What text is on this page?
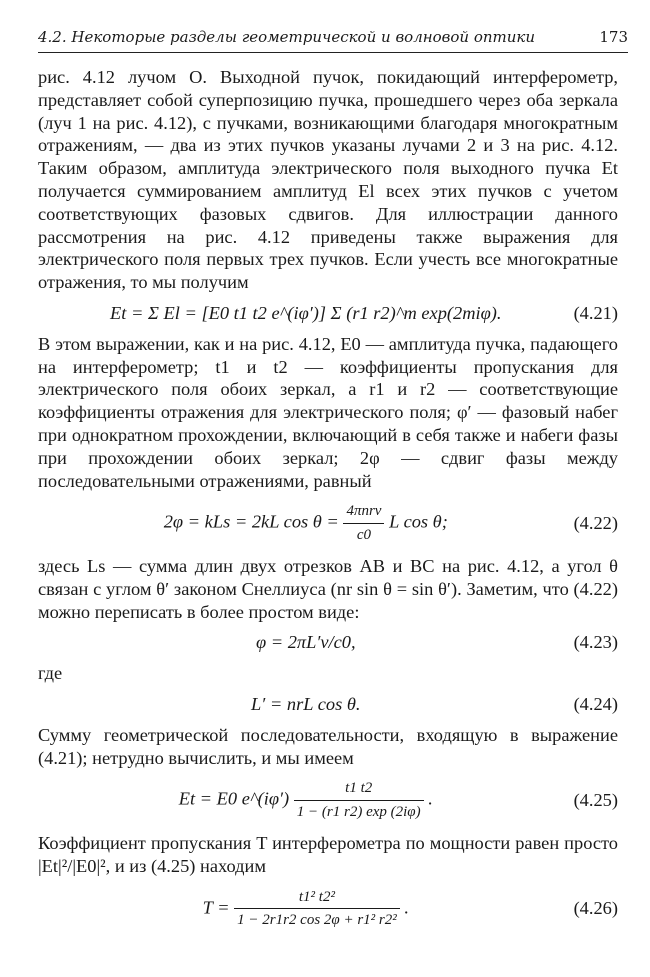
4.2. Некоторые разделы геометрической и волновой оптики	173

рис. 4.12 лучом O. Выходной пучок, покидающий интерферометр, представляет собой суперпозицию пучка, прошедшего через оба зеркала (луч 1 на рис. 4.12), с пучками, возникающими благодаря многократным отражениям, — два из этих пучков указаны лучами 2 и 3 на рис. 4.12. Таким образом, амплитуда электрического поля выходного пучка Et получается суммированием амплитуд El всех этих пучков с учетом соответствующих фазовых сдвигов. Для иллюстрации данного рассмотрения на рис. 4.12 приведены также выражения для электрического поля первых трех пучков. Если учесть все многократные отражения, то мы получим

Et = Σ El = [E0 t1 t2 e^(iφ′)] Σ (r1 r2)^m exp(2miφ).	(4.21)

В этом выражении, как и на рис. 4.12, E0 — амплитуда пучка, падающего на интерферометр; t1 и t2 — коэффициенты пропускания для электрического поля обоих зеркал, а r1 и r2 — соответствующие коэффициенты отражения для электрического поля; φ′ — фазовый набег при однократном прохождении, включающий в себя также и набеги фазы при прохождении обоих зеркал; 2φ — сдвиг фазы между последовательными отражениями, равный

2φ = kLs = 2kL $\cos \theta = \frac{\text{4πnrν}}{c0}$ L cos θ;	(4.22)

здесь Ls — сумма длин двух отрезков AB и BC на рис. 4.12, а угол θ связан с углом θ′ законом Снеллиуса (nr sin θ = sin θ′). Заметим, что (4.22) можно переписать в более простом виде:

φ = 2πL′ν/c0,	(4.23)

где

L′ = nrL cos θ.	(4.24)

Сумму геометрической последовательности, входящую в выражение (4.21); нетрудно вычислить, и мы имеем

Et = E0 e^(iφ′) $\frac{t1 t2}{1 - (r1 r2) \exp (2i\varphi)}$ .	(4.25)

Коэффициент пропускания T интерферометра по мощности равен просто |Et|²/|E0|², и из (4.25) находим

$T = \frac{\text{t1² t2²}}{\text{1 − 2r1r2 cos 2φ + r1² r2²}}$ .	(4.26)
